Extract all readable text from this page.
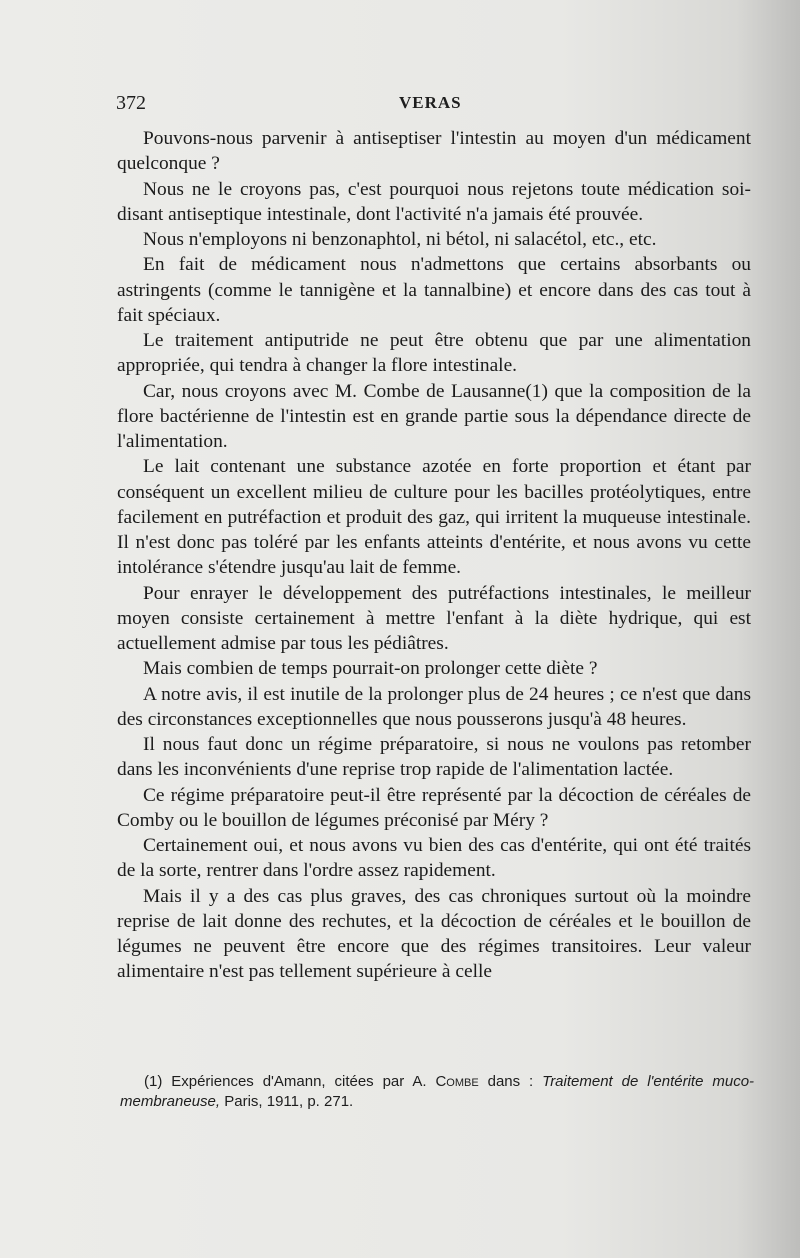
372	VERAS

Pouvons-nous parvenir à antiseptiser l'intestin au moyen d'un médicament quelconque ?

Nous ne le croyons pas, c'est pourquoi nous rejetons toute médication soi-disant antiseptique intestinale, dont l'activité n'a jamais été prouvée.

Nous n'employons ni benzonaphtol, ni bétol, ni salacétol, etc., etc.

En fait de médicament nous n'admettons que certains absorbants ou astringents (comme le tannigène et la tannalbine) et encore dans des cas tout à fait spéciaux.

Le traitement antiputride ne peut être obtenu que par une alimentation appropriée, qui tendra à changer la flore intestinale.

Car, nous croyons avec M. Combe de Lausanne(1) que la composition de la flore bactérienne de l'intestin est en grande partie sous la dépendance directe de l'alimentation.

Le lait contenant une substance azotée en forte proportion et étant par conséquent un excellent milieu de culture pour les bacilles protéolytiques, entre facilement en putréfaction et produit des gaz, qui irritent la muqueuse intestinale. Il n'est donc pas toléré par les enfants atteints d'entérite, et nous avons vu cette intolérance s'étendre jusqu'au lait de femme.

Pour enrayer le développement des putréfactions intestinales, le meilleur moyen consiste certainement à mettre l'enfant à la diète hydrique, qui est actuellement admise par tous les pédiâtres.

Mais combien de temps pourrait-on prolonger cette diète ?

A notre avis, il est inutile de la prolonger plus de 24 heures ; ce n'est que dans des circonstances exceptionnelles que nous pousserons jusqu'à 48 heures.

Il nous faut donc un régime préparatoire, si nous ne voulons pas retomber dans les inconvénients d'une reprise trop rapide de l'alimentation lactée.

Ce régime préparatoire peut-il être représenté par la décoction de céréales de Comby ou le bouillon de légumes préconisé par Méry ?

Certainement oui, et nous avons vu bien des cas d'entérite, qui ont été traités de la sorte, rentrer dans l'ordre assez rapidement.

Mais il y a des cas plus graves, des cas chroniques surtout où la moindre reprise de lait donne des rechutes, et la décoction de céréales et le bouillon de légumes ne peuvent être encore que des régimes transitoires. Leur valeur alimentaire n'est pas tellement supérieure à celle

(1) Expériences d'Amann, citées par A. Combe dans : Traitement de l'entérite muco-membraneuse, Paris, 1911, p. 271.
